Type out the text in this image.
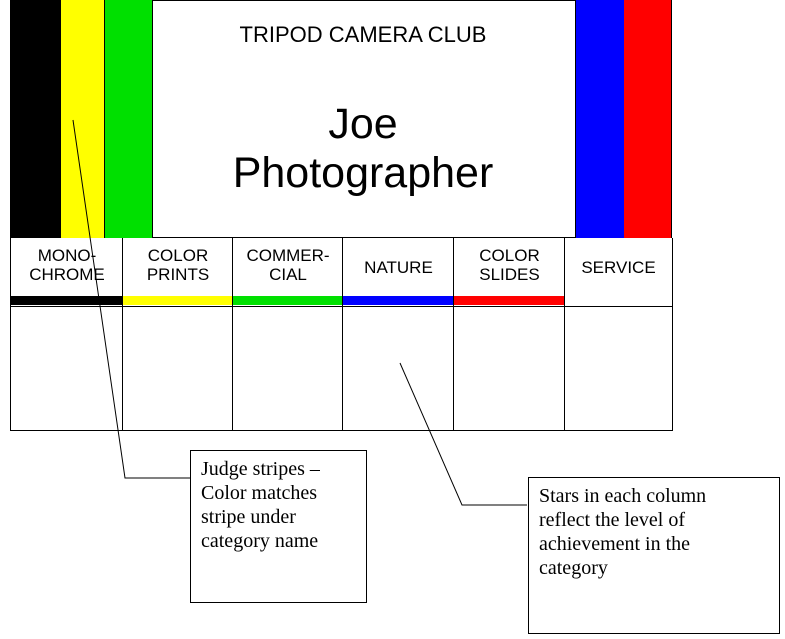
TRIPOD CAMERA CLUB
Joe
Photographer
MONO-
CHROME
COLOR
PRINTS
COMMER-
CIAL	NATURE
COLOR
SLIDES	SERVICE
Judge stripes –
Color matches
stripe under
category name
Stars in each column
reflect the level of
achievement in the
category
